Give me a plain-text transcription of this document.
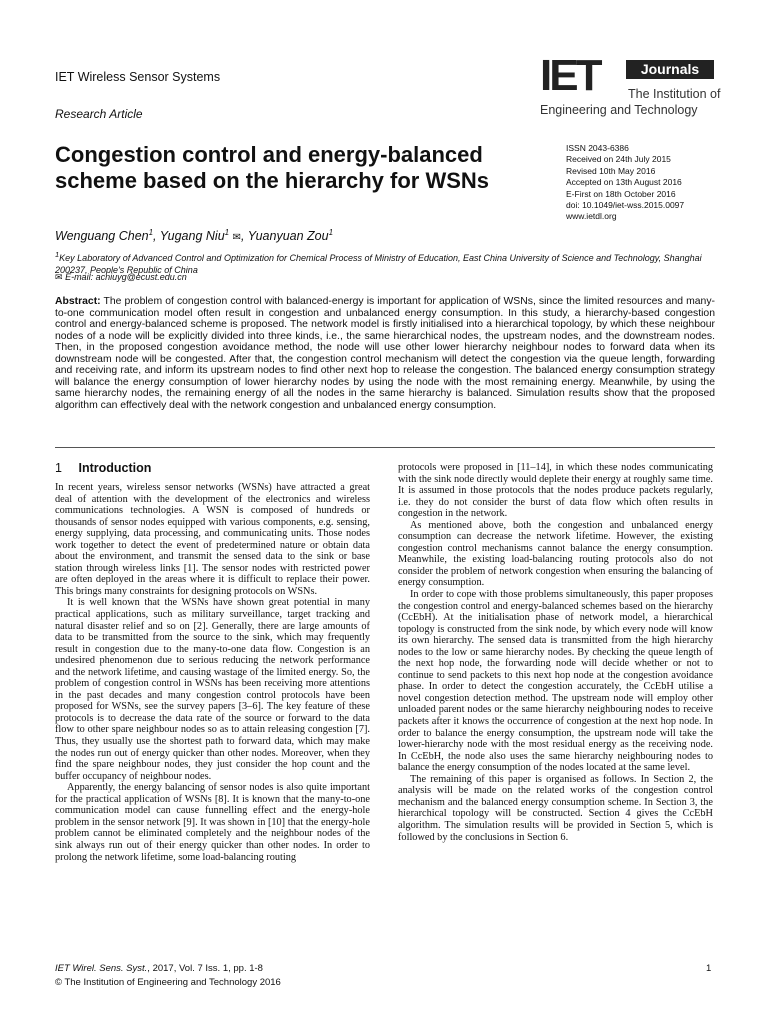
IET Wireless Sensor Systems
Research Article
IET	Journals
The Institution of
Engineering and Technology
Congestion control and energy-balanced scheme based on the hierarchy for WSNs
ISSN 2043-6386
Received on 24th July 2015
Revised 10th May 2016
Accepted on 13th August 2016
E-First on 18th October 2016
doi: 10.1049/iet-wss.2015.0097
www.ietdl.org
Wenguang Chen$^1$, Yugang Niu$^1$ ✉, Yuanyuan Zou$^1$
$^1$Key Laboratory of Advanced Control and Optimization for Chemical Process of Ministry of Education, East China University of Science and Technology, Shanghai 200237, People's Republic of China
✉ E-mail: acniuyg@ecust.edu.cn

Abstract: The problem of congestion control with balanced-energy is important for application of WSNs, since the limited resources and many-to-one communication model often result in congestion and unbalanced energy consumption. In this study, a hierarchy-based congestion control and energy-balanced scheme is proposed. The network model is firstly initialised into a hierarchical topology, by which these neighbour nodes of a node will be explicitly divided into three kinds, i.e., the same hierarchical nodes, the upstream nodes, and the downstream nodes. Then, in the proposed congestion avoidance method, the node will use other lower hierarchy neighbour nodes to forward data when its downstream node will be congested. After that, the congestion control mechanism will detect the congestion via the queue length, forwarding and receiving rate, and inform its upstream nodes to find other next hop to release the congestion. The balanced energy consumption strategy will balance the energy consumption of lower hierarchy nodes by using the node with the most remaining energy. Meanwhile, by using the same hierarchy nodes, the remaining energy of all the nodes in the same hierarchy is balanced. Simulation results show that the proposed algorithm can effectively deal with the network congestion and unbalanced energy consumption.

1 Introduction

In recent years, wireless sensor networks (WSNs) have attracted a great deal of attention with the development of the electronics and wireless communications technologies. A WSN is composed of hundreds or thousands of sensor nodes equipped with various components, e.g. sensing, energy supplying, data processing, and communicating units. Those nodes work together to detect the event of predetermined nature or obtain data about the environment, and transmit the sensed data to the sink or base station through wireless links [1]. The sensor nodes with restricted power are often deployed in the areas where it is difficult to replace their power. This brings many constraints for designing protocols on WSNs.

It is well known that the WSNs have shown great potential in many practical applications, such as military surveillance, target tracking and natural disaster relief and so on [2]. Generally, there are large amounts of data to be transmitted from the source to the sink, which may frequently result in congestion due to the many-to-one data flow. Congestion is an undesired phenomenon due to serious reducing the network performance and the network lifetime, and causing wastage of the limited energy. So, the problem of congestion control in WSNs has been receiving more attentions in the past decades and many congestion control protocols have been proposed for WSNs, see the survey papers [3–6]. The key feature of these protocols is to decrease the data rate of the source or forward to the data flow to other spare neighbour nodes so as to attain releasing congestion [7]. Thus, they usually use the shortest path to forward data, which may make the nodes run out of energy quicker than other nodes. Moreover, when they find the spare neighbour nodes, they just consider the hop count and the buffer occupancy of neighbour nodes.

Apparently, the energy balancing of sensor nodes is also quite important for the practical application of WSNs [8]. It is known that the many-to-one communication model can cause funnelling effect and the energy-hole problem in the sensor network [9]. It was shown in [10] that the energy-hole problem cannot be eliminated completely and the neighbour nodes of the sink always run out of their energy quicker than other nodes. In order to prolong the network lifetime, some load-balancing routing

protocols were proposed in [11–14], in which these nodes communicating with the sink node directly would deplete their energy at roughly same time. It is assumed in those protocols that the nodes produce packets regularly, i.e. they do not consider the burst of data flow which often results in congestion in the network.

As mentioned above, both the congestion and unbalanced energy consumption can decrease the network lifetime. However, the existing congestion control mechanisms cannot balance the energy consumption. Meanwhile, the existing load-balancing routing protocols also do not consider the problem of network congestion when ensuring the balancing of energy consumption.

In order to cope with those problems simultaneously, this paper proposes the congestion control and energy-balanced schemes based on the hierarchy (CcEbH). At the initialisation phase of network model, a hierarchical topology is constructed from the sink node, by which every node will know its own hierarchy. The sensed data is transmitted from the high hierarchy nodes to the low or same hierarchy nodes. By checking the queue length of the next hop node, the forwarding node will decide whether or not to continue to send packets to this next hop node at the congestion avoidance phase. In order to detect the congestion accurately, the CcEbH utilise a novel congestion detection method. The upstream node will employ other unloaded parent nodes or the same hierarchy neighbouring nodes to receive packets after it knows the occurrence of congestion at the next hop node. In order to balance the energy consumption, the upstream node will take the lower-hierarchy node with the most residual energy as the receiving node. In CcEbH, the node also uses the same hierarchy neighbouring nodes to balance the energy consumption of the nodes located at the same level.

The remaining of this paper is organised as follows. In Section 2, the analysis will be made on the related works of the congestion control mechanism and the balanced energy consumption scheme. In Section 3, the hierarchical topology will be constructed. Section 4 gives the CcEbH algorithm. The simulation results will be provided in Section 5, which is followed by the conclusions in Section 6.

IET Wirel. Sens. Syst., 2017, Vol. 7 Iss. 1, pp. 1-8
© The Institution of Engineering and Technology 2016
1
